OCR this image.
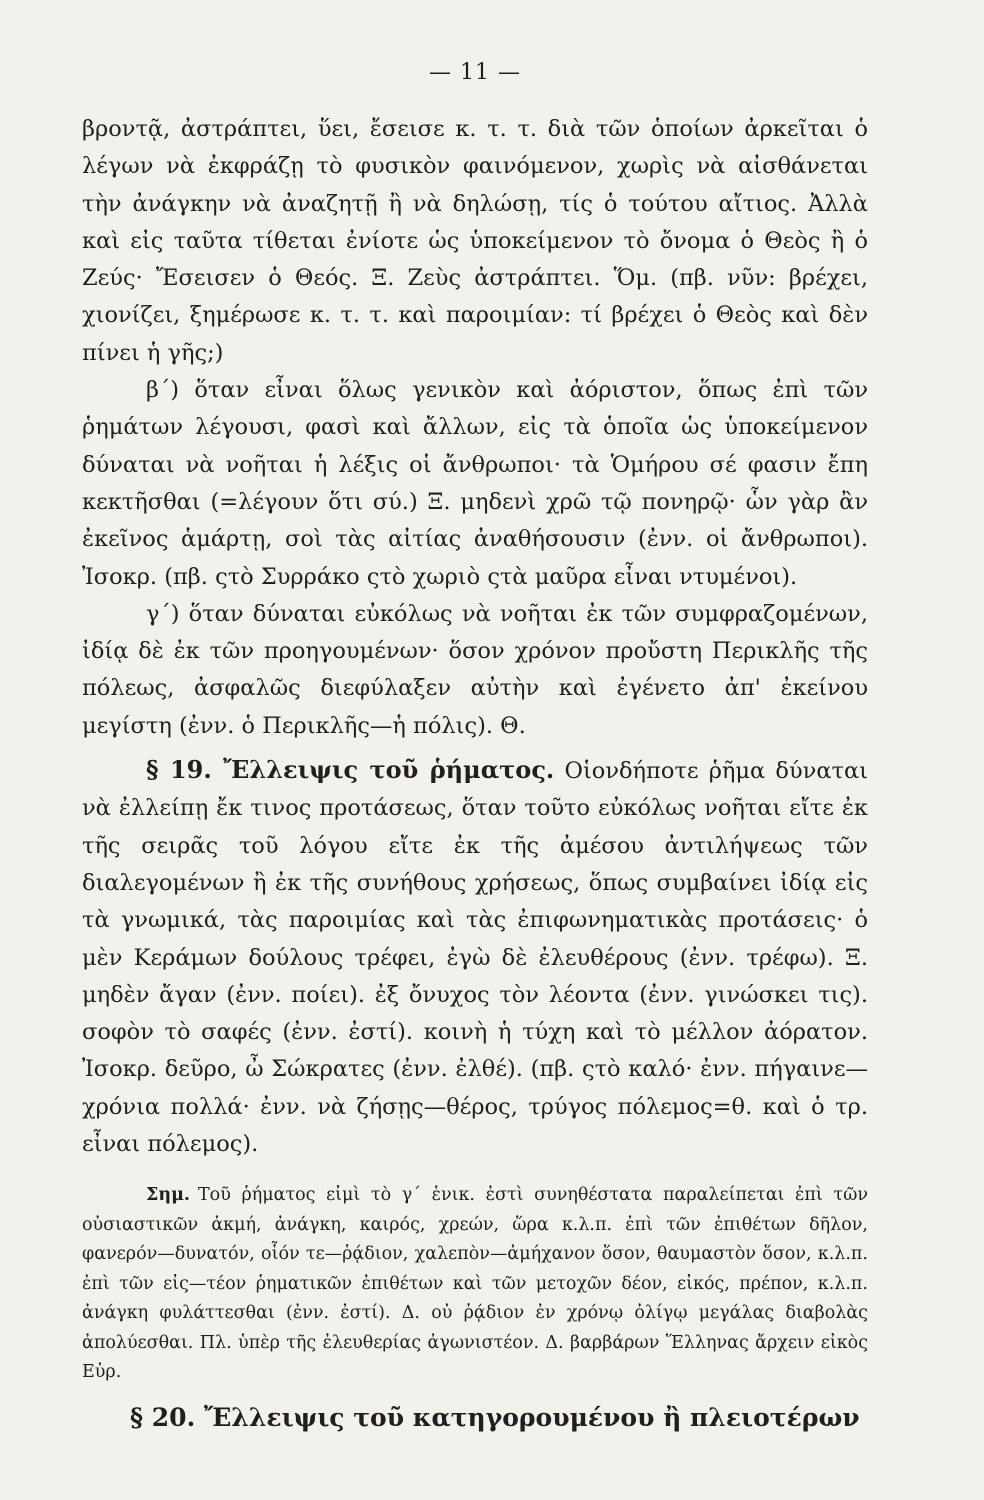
— 11 —

βροντᾷ, ἀστράπτει, ὕει, ἔσεισε κ. τ. τ. διὰ τῶν ὁποίων ἀρκεῖται ὁ λέγων νὰ ἐκφράζῃ τὸ φυσικὸν φαινόμενον, χωρὶς νὰ αἰσθάνεται τὴν ἀνάγκην νὰ ἀναζητῇ ἢ νὰ δηλώσῃ, τίς ὁ τούτου αἴτιος. Ἀλλὰ καὶ εἰς ταῦτα τίθεται ἐνίοτε ὡς ὑποκείμενον τὸ ὄνομα ὁ Θεὸς ἢ ὁ Ζεύς· Ἔσεισεν ὁ Θεός. Ξ. Ζεὺς ἀστράπτει. Ὅμ. (πβ. νῦν: βρέχει, χιονίζει, ξημέρωσε κ. τ. τ. καὶ παροιμίαν: τί βρέχει ὁ Θεὸς καὶ δὲν πίνει ἡ γῆς;)

β΄) ὅταν εἶναι ὅλως γενικὸν καὶ ἀόριστον, ὅπως ἐπὶ τῶν ῥημάτων λέγουσι, φασὶ καὶ ἄλλων, εἰς τὰ ὁποῖα ὡς ὑποκείμενον δύναται νὰ νοῆται ἡ λέξις οἱ ἄνθρωποι· τὰ Ὁμήρου σέ φασιν ἔπη κεκτῆσθαι (=λέγουν ὅτι σύ.) Ξ. μηδενὶ χρῶ τῷ πονηρῷ· ὧν γὰρ ἂν ἐκεῖνος ἁμάρτῃ, σοὶ τὰς αἰτίας ἀναθήσουσιν (ἐνν. οἱ ἄνθρωποι). Ἰσοκρ. (πβ. ςτὸ Συρράκο ςτὸ χωριὸ ςτὰ μαῦρα εἶναι ντυμένοι).

γ΄) ὅταν δύναται εὐκόλως νὰ νοῆται ἐκ τῶν συμφραζομένων, ἰδίᾳ δὲ ἐκ τῶν προηγουμένων· ὅσον χρόνον προὔστη Περικλῆς τῆς πόλεως, ἀσφαλῶς διεφύλαξεν αὐτὴν καὶ ἐγένετο ἀπ' ἐκείνου μεγίστη (ἐνν. ὁ Περικλῆς—ἡ πόλις). Θ.

§ 19. Ἔλλειψις τοῦ ῥήματος. Οἱονδήποτε ῥῆμα δύναται νὰ ἐλλείπῃ ἔκ τινος προτάσεως, ὅταν τοῦτο εὐκόλως νοῆται εἴτε ἐκ τῆς σειρᾶς τοῦ λόγου εἴτε ἐκ τῆς ἀμέσου ἀντιλήψεως τῶν διαλεγομένων ἢ ἐκ τῆς συνήθους χρήσεως, ὅπως συμβαίνει ἰδίᾳ εἰς τὰ γνωμικά, τὰς παροιμίας καὶ τὰς ἐπιφωνηματικὰς προτάσεις· ὁ μὲν Κεράμων δούλους τρέφει, ἐγὼ δὲ ἐλευθέρους (ἐνν. τρέφω). Ξ. μηδὲν ἄγαν (ἐνν. ποίει). ἐξ ὄνυχος τὸν λέοντα (ἐνν. γινώσκει τις). σοφὸν τὸ σαφές (ἐνν. ἐστί). κοινὴ ἡ τύχη καὶ τὸ μέλλον ἀόρατον. Ἰσοκρ. δεῦρο, ὦ Σώκρατες (ἐνν. ἐλθέ). (πβ. ςτὸ καλό· ἐνν. πήγαινε—χρόνια πολλά· ἐνν. νὰ ζήσῃς—θέρος, τρύγος πόλεμος=θ. καὶ ὁ τρ. εἶναι πόλεμος).

Σημ. Τοῦ ῥήματος εἰμὶ τὸ γ΄ ἑνικ. ἐστὶ συνηθέστατα παραλείπεται ἐπὶ τῶν οὐσιαστικῶν ἀκμή, ἀνάγκη, καιρός, χρεών, ὥρα κ.λ.π. ἐπὶ τῶν ἐπιθέτων δῆλον, φανερόν—δυνατόν, οἷόν τε—ῥᾴδιον, χαλεπὸν—ἀμήχανον ὅσον, θαυμαστὸν ὅσον, κ.λ.π. ἐπὶ τῶν εἰς—τέον ῥηματικῶν ἐπιθέτων καὶ τῶν μετοχῶν δέον, εἰκός, πρέπον, κ.λ.π. ἀνάγκη φυλάττεσθαι (ἐνν. ἐστί). Δ. οὐ ῥᾴδιον ἐν χρόνῳ ὀλίγῳ μεγάλας διαβολὰς ἀπολύεσθαι. Πλ. ὑπὲρ τῆς ἐλευθερίας ἀγωνιστέον. Δ. βαρβάρων Ἕλληνας ἄρχειν εἰκὸς Εὐρ.

§ 20. Ἔλλειψις τοῦ κατηγορουμένου ἢ πλειοτέρων
